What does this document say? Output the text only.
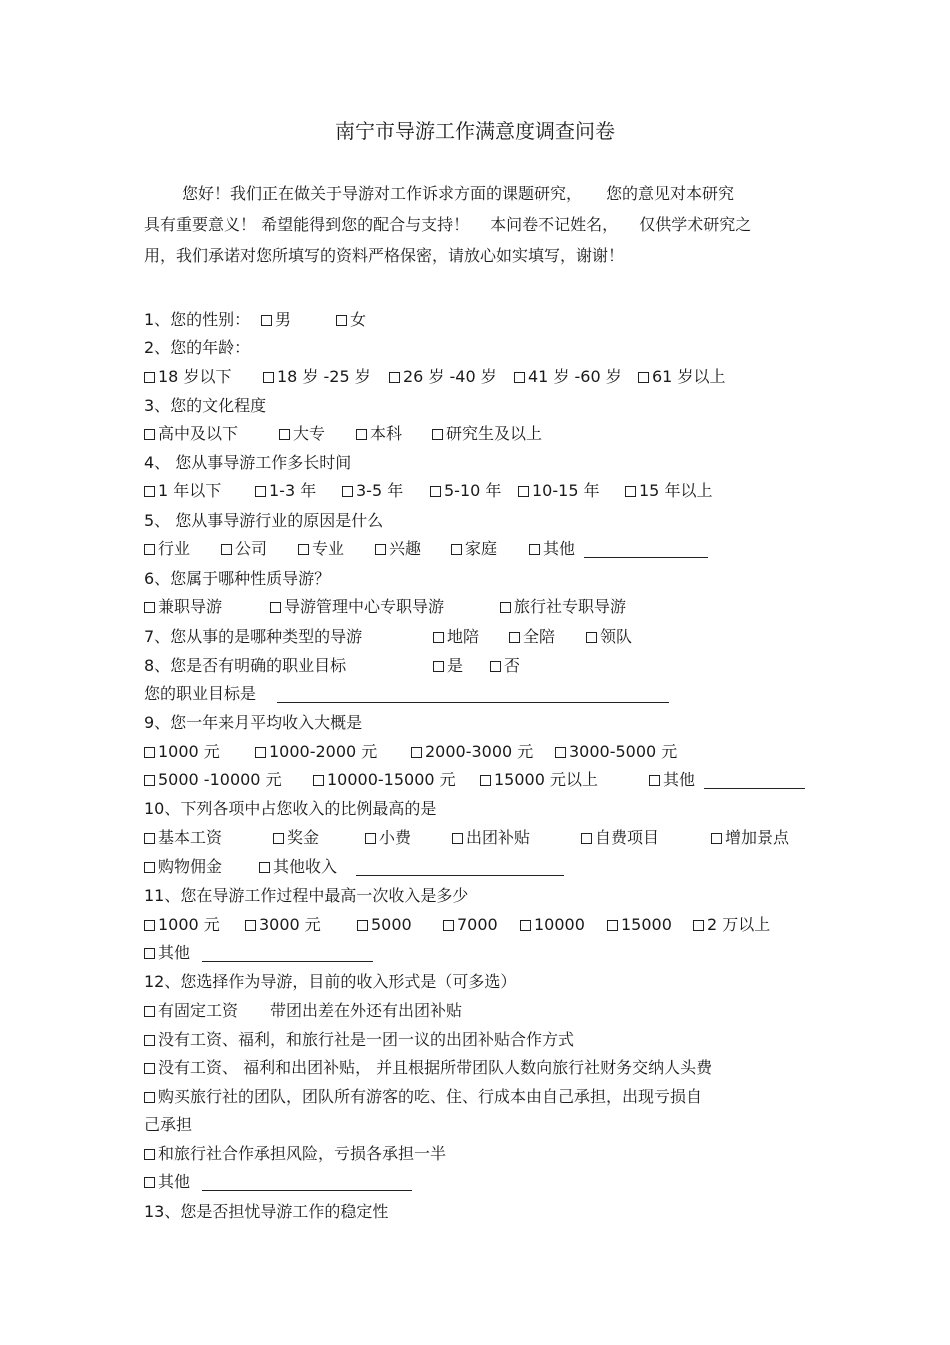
南宁市导游工作满意度调查问卷
您好！我们正在做关于导游对工作诉求方面的课题研究，　　您的意见对本研究
具有重要意义！ 希望能得到您的配合与支持！ 　本问卷不记姓名， 　仅供学术研究之
用，我们承诺对您所填写的资料严格保密，请放心如实填写，谢谢！
1、您的性别：	男	女
2、您的年龄：
18 岁以下	18 岁 -25 岁	26 岁 -40 岁	41 岁 -60 岁	61 岁以上
3、您的文化程度
高中及以下	大专	本科	研究生及以上
4、 您从事导游工作多长时间
1 年以下	1-3 年	3-5 年	5-10 年	10-15 年	15 年以上
5、 您从事导游行业的原因是什么
行业	公司	专业	兴趣	家庭	其他
6、您属于哪种性质导游？
兼职导游	导游管理中心专职导游	旅行社专职导游
7、您从事的是哪种类型的导游	地陪	全陪	领队
8、您是否有明确的职业目标	是	否
您的职业目标是
9、您一年来月平均收入大概是
1000 元	1000-2000 元	2000-3000 元	3000-5000 元
5000 -10000 元	10000-15000 元	15000 元以上	其他
10、下列各项中占您收入的比例最高的是
基本工资	奖金	小费	出团补贴	自费项目	增加景点
购物佣金	其他收入
11、您在导游工作过程中最高一次收入是多少
1000 元	3000 元	5000	7000	10000	15000	2 万以上
其他
12、您选择作为导游，目前的收入形式是（可多选）
有固定工资　　带团出差在外还有出团补贴
没有工资、福利，和旅行社是一团一议的出团补贴合作方式
没有工资、 福利和出团补贴， 并且根据所带团队人数向旅行社财务交纳人头费
购买旅行社的团队，团队所有游客的吃、住、行成本由自己承担，出现亏损自
己承担
和旅行社合作承担风险，亏损各承担一半
其他
13、您是否担忧导游工作的稳定性
